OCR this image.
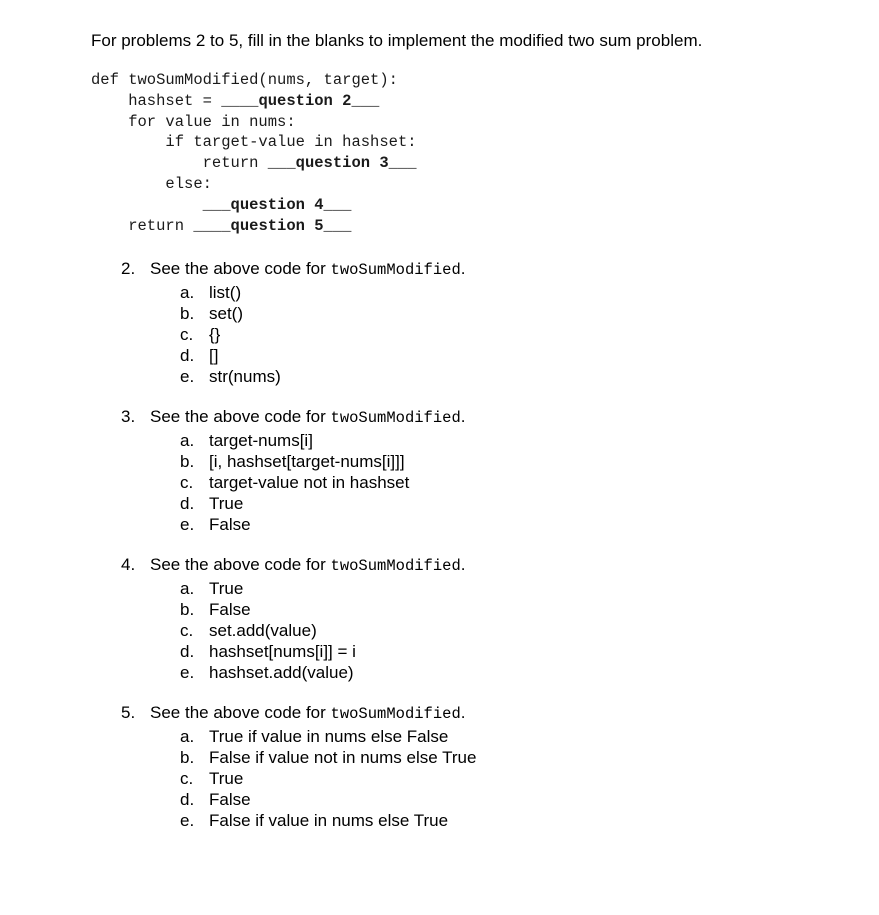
For problems 2 to 5, fill in the blanks to implement the modified two sum problem.
def twoSumModified(nums, target):
hashset = ____question 2___
for value in nums:
if target-value in hashset:
return ___question 3___
else:
___question 4___
return ____question 5___
2. See the above code for twoSumModified.
a. list()
b. set()
c. {}
d. []
e. str(nums)
3. See the above code for twoSumModified.
a. target-nums[i]
b. [i, hashset[target-nums[i]]]
c. target-value not in hashset
d. True
e. False
4. See the above code for twoSumModified.
a. True
b. False
c. set.add(value)
d. hashset[nums[i]] = i
e. hashset.add(value)
5. See the above code for twoSumModified.
a. True if value in nums else False
b. False if value not in nums else True
c. True
d. False
e. False if value in nums else True
